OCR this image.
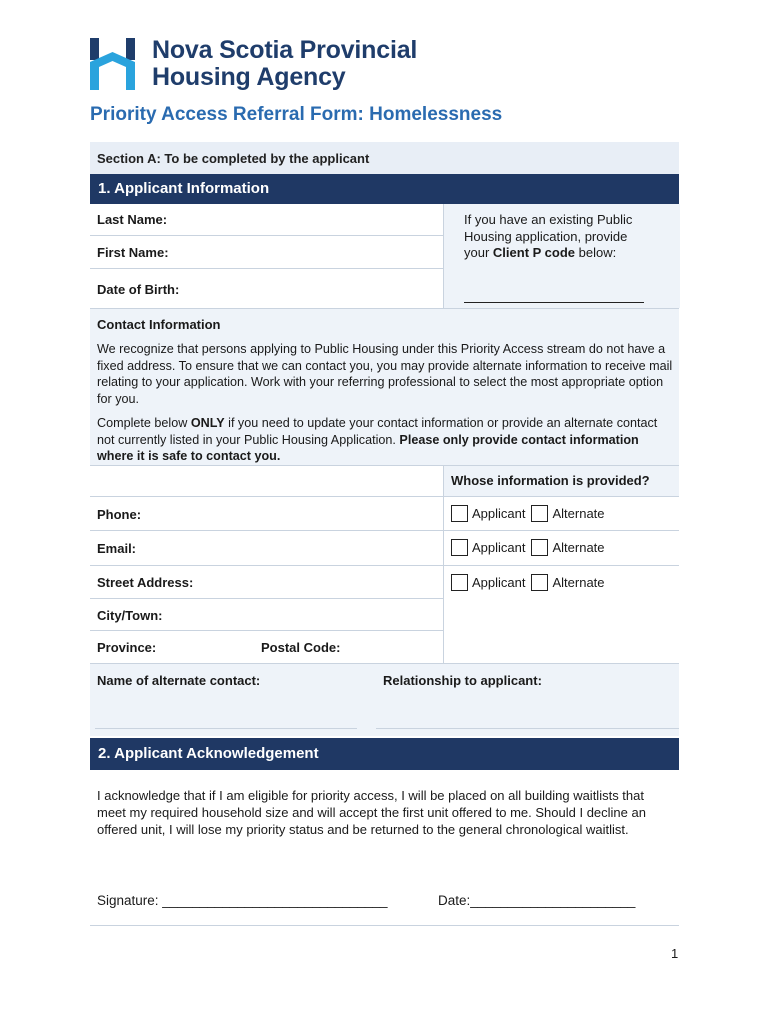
Nova Scotia Provincial
Housing Agency
Priority Access Referral Form: Homelessness
Section A: To be completed by the applicant
1. Applicant Information
Last Name:
First Name:
Date of Birth:
If you have an existing Public
Housing application, provide
your Client P code below:
Contact Information
We recognize that persons applying to Public Housing under this Priority Access stream do not have a fixed address. To ensure that we can contact you, you may provide alternate information to receive mail relating to your application. Work with your referring professional to select the most appropriate option for you.
Complete below ONLY if you need to update your contact information or provide an alternate contact not currently listed in your Public Housing Application. Please only provide contact information where it is safe to contact you.
Whose information is provided?
Phone:	Applicant Alternate
Email:	Applicant Alternate
Street Address:	Applicant Alternate
City/Town:
Province:	Postal Code:
Name of alternate contact:	Relationship to applicant:
2. Applicant Acknowledgement
I acknowledge that if I am eligible for priority access, I will be placed on all building waitlists that meet my required household size and will accept the first unit offered to me. Should I decline an offered unit, I will lose my priority status and be returned to the general chronological waitlist.
Signature: ______________________________	Date:______________________
1
